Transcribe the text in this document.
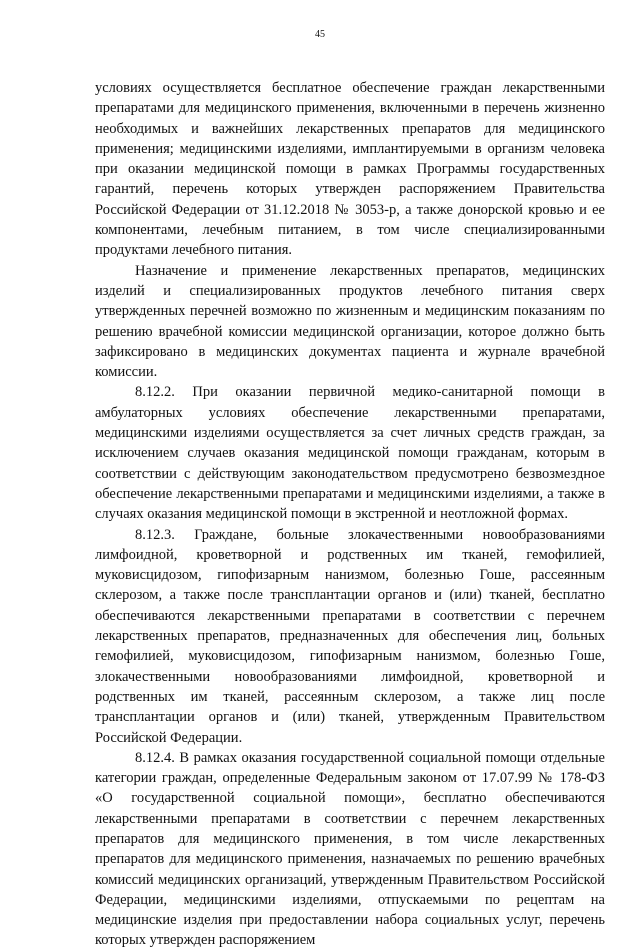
45

условиях осуществляется бесплатное обеспечение граждан лекарственными препаратами для медицинского применения, включенными в перечень жизненно необходимых и важнейших лекарственных препаратов для медицинского применения; медицинскими изделиями, имплантируемыми в организм человека при оказании медицинской помощи в рамках Программы государственных гарантий, перечень которых утвержден распоряжением Правительства Российской Федерации от 31.12.2018 № 3053-р, а также донорской кровью и ее компонентами, лечебным питанием, в том числе специализированными продуктами лечебного питания.

Назначение и применение лекарственных препаратов, медицинских изделий и специализированных продуктов лечебного питания сверх утвержденных перечней возможно по жизненным и медицинским показаниям по решению врачебной комиссии медицинской организации, которое должно быть зафиксировано в медицинских документах пациента и журнале врачебной комиссии.

8.12.2. При оказании первичной медико-санитарной помощи в амбулаторных условиях обеспечение лекарственными препаратами, медицинскими изделиями осуществляется за счет личных средств граждан, за исключением случаев оказания медицинской помощи гражданам, которым в соответствии с действующим законодательством предусмотрено безвозмездное обеспечение лекарственными препаратами и медицинскими изделиями, а также в случаях оказания медицинской помощи в экстренной и неотложной формах.

8.12.3. Граждане, больные злокачественными новообразованиями лимфоидной, кроветворной и родственных им тканей, гемофилией, муковисцидозом, гипофизарным нанизмом, болезнью Гоше, рассеянным склерозом, а также после трансплантации органов и (или) тканей, бесплатно обеспечиваются лекарственными препаратами в соответствии с перечнем лекарственных препаратов, предназначенных для обеспечения лиц, больных гемофилией, муковисцидозом, гипофизарным нанизмом, болезнью Гоше, злокачественными новообразованиями лимфоидной, кроветворной и родственных им тканей, рассеянным склерозом, а также лиц после трансплантации органов и (или) тканей, утвержденным Правительством Российской Федерации.

8.12.4. В рамках оказания государственной социальной помощи отдельные категории граждан, определенные Федеральным законом от 17.07.99 № 178-ФЗ «О государственной социальной помощи», бесплатно обеспечиваются лекарственными препаратами в соответствии с перечнем лекарственных препаратов для медицинского применения, в том числе лекарственных препаратов для медицинского применения, назначаемых по решению врачебных комиссий медицинских организаций, утвержденным Правительством Российской Федерации, медицинскими изделиями, отпускаемыми по рецептам на медицинские изделия при предоставлении набора социальных услуг, перечень которых утвержден распоряжением
